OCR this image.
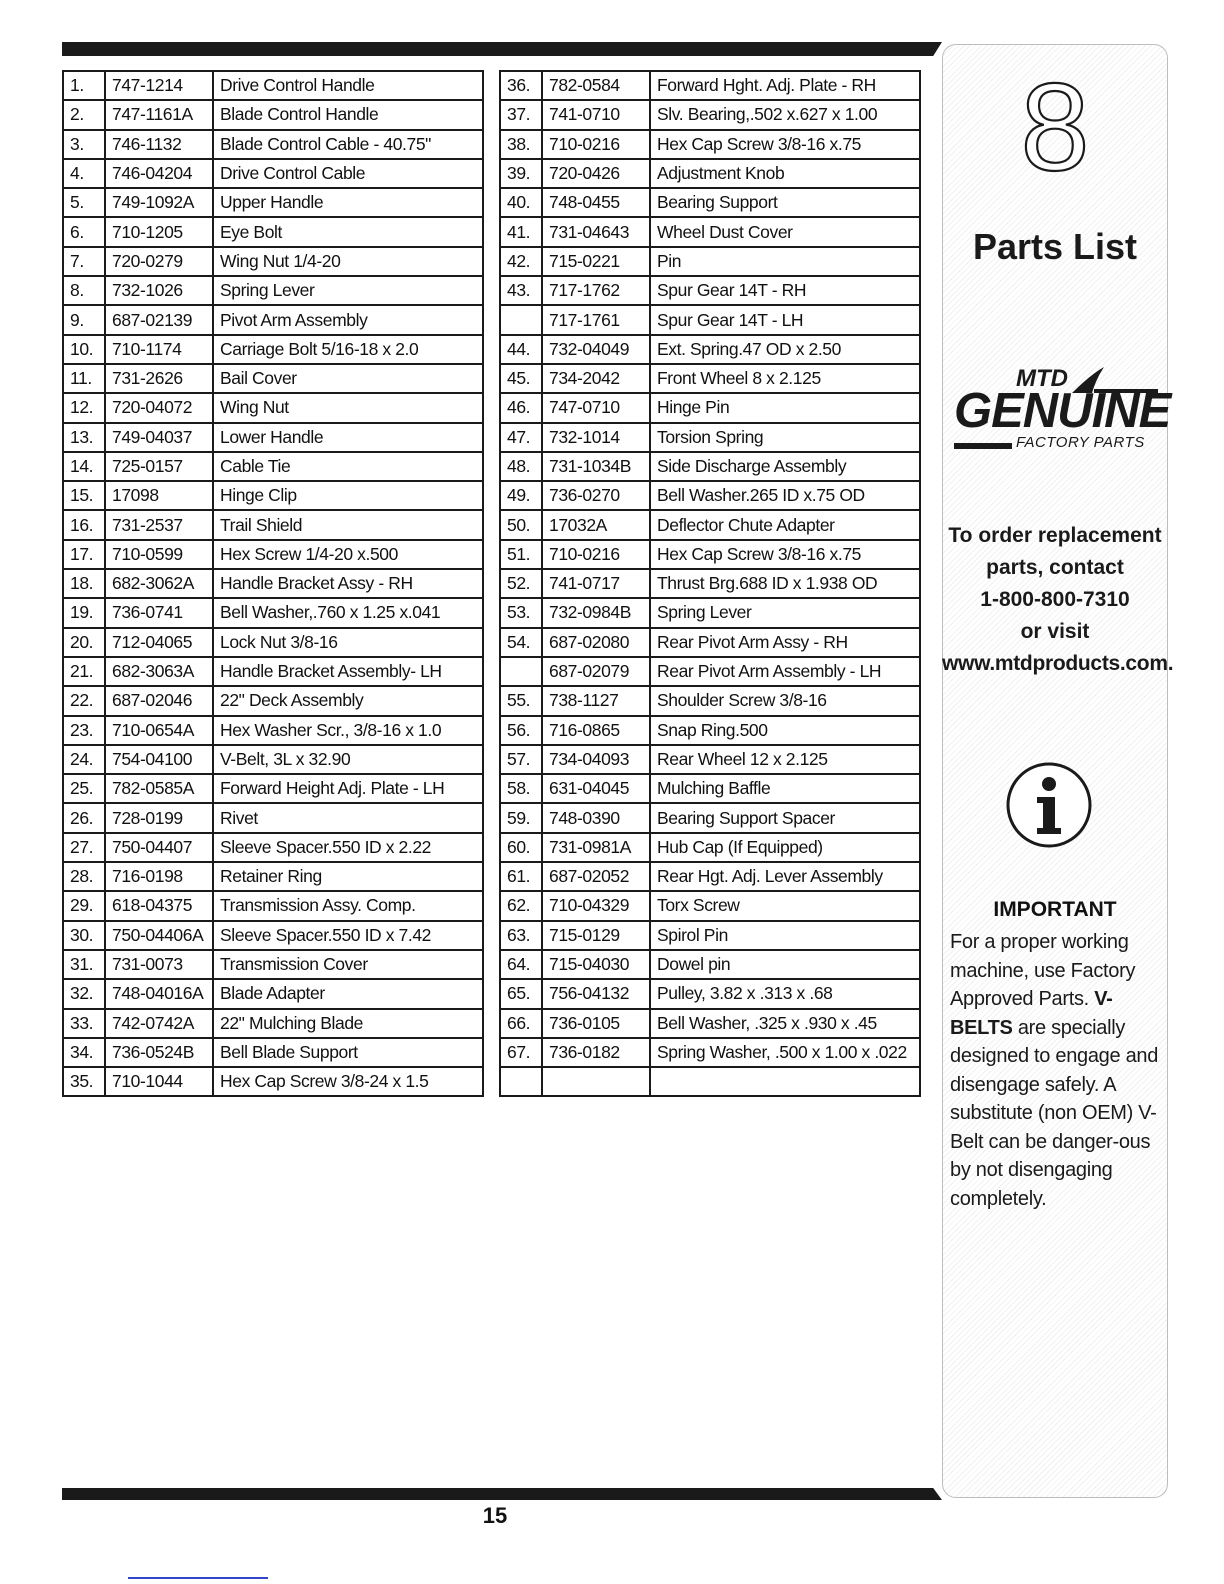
1.	747-1214	Drive Control Handle
2.	747-1161A	Blade Control Handle
3.	746-1132	Blade Control Cable - 40.75"
4.	746-04204	Drive Control Cable
5.	749-1092A	Upper Handle
6.	710-1205	Eye Bolt
7.	720-0279	Wing Nut 1/4-20
8.	732-1026	Spring Lever
9.	687-02139	Pivot Arm Assembly
10.	710-1174	Carriage Bolt 5/16-18 x 2.0
11.	731-2626	Bail Cover
12.	720-04072	Wing Nut
13.	749-04037	Lower Handle
14.	725-0157	Cable Tie
15.	17098	Hinge Clip
16.	731-2537	Trail Shield
17.	710-0599	Hex Screw 1/4-20 x.500
18.	682-3062A	Handle Bracket Assy - RH
19.	736-0741	Bell Washer,.760 x 1.25 x.041
20.	712-04065	Lock Nut 3/8-16
21.	682-3063A	Handle Bracket Assembly- LH
22.	687-02046	22" Deck Assembly
23.	710-0654A	Hex Washer Scr., 3/8-16 x 1.0
24.	754-04100	V-Belt, 3L x 32.90
25.	782-0585A	Forward Height Adj. Plate - LH
26.	728-0199	Rivet
27.	750-04407	Sleeve Spacer.550 ID x 2.22
28.	716-0198	Retainer Ring
29.	618-04375	Transmission Assy. Comp.
30.	750-04406A	Sleeve Spacer.550 ID x 7.42
31.	731-0073	Transmission Cover
32.	748-04016A	Blade Adapter
33.	742-0742A	22" Mulching Blade
34.	736-0524B	Bell Blade Support
35.	710-1044	Hex Cap Screw 3/8-24 x 1.5
36.	782-0584	Forward Hght. Adj. Plate - RH
37.	741-0710	Slv. Bearing,.502 x.627 x 1.00
38.	710-0216	Hex Cap Screw 3/8-16 x.75
39.	720-0426	Adjustment Knob
40.	748-0455	Bearing Support
41.	731-04643	Wheel Dust Cover
42.	715-0221	Pin
43.	717-1762	Spur Gear 14T - RH
	717-1761	Spur Gear 14T - LH
44.	732-04049	Ext. Spring.47 OD x 2.50
45.	734-2042	Front Wheel 8 x 2.125
46.	747-0710	Hinge Pin
47.	732-1014	Torsion Spring
48.	731-1034B	Side Discharge Assembly
49.	736-0270	Bell Washer.265 ID x.75 OD
50.	17032A	Deflector Chute Adapter
51.	710-0216	Hex Cap Screw 3/8-16 x.75
52.	741-0717	Thrust Brg.688 ID x 1.938 OD
53.	732-0984B	Spring Lever
54.	687-02080	Rear Pivot Arm Assy - RH
	687-02079	Rear Pivot Arm Assembly - LH
55.	738-1127	Shoulder Screw 3/8-16
56.	716-0865	Snap Ring.500
57.	734-04093	Rear Wheel 12 x 2.125
58.	631-04045	Mulching Baffle
59.	748-0390	Bearing Support Spacer
60.	731-0981A	Hub Cap (If Equipped)
61.	687-02052	Rear Hgt. Adj. Lever Assembly
62.	710-04329	Torx Screw
63.	715-0129	Spirol Pin
64.	715-04030	Dowel pin
65.	756-04132	Pulley, 3.82 x .313 x .68
66.	736-0105	Bell Washer, .325 x .930 x .45
67.	736-0182	Spring Washer, .500 x 1.00 x .022

8
Parts List
MTD
GENUINE
FACTORY PARTS
To order replacement
parts, contact
1-800-800-7310
or visit
www.mtdproducts.com.
IMPORTANT
For a proper working machine, use Factory Approved Parts. V-BELTS are specially designed to engage and disengage safely. A substitute (non OEM) V-Belt can be danger-ous by not disengaging completely.
15
